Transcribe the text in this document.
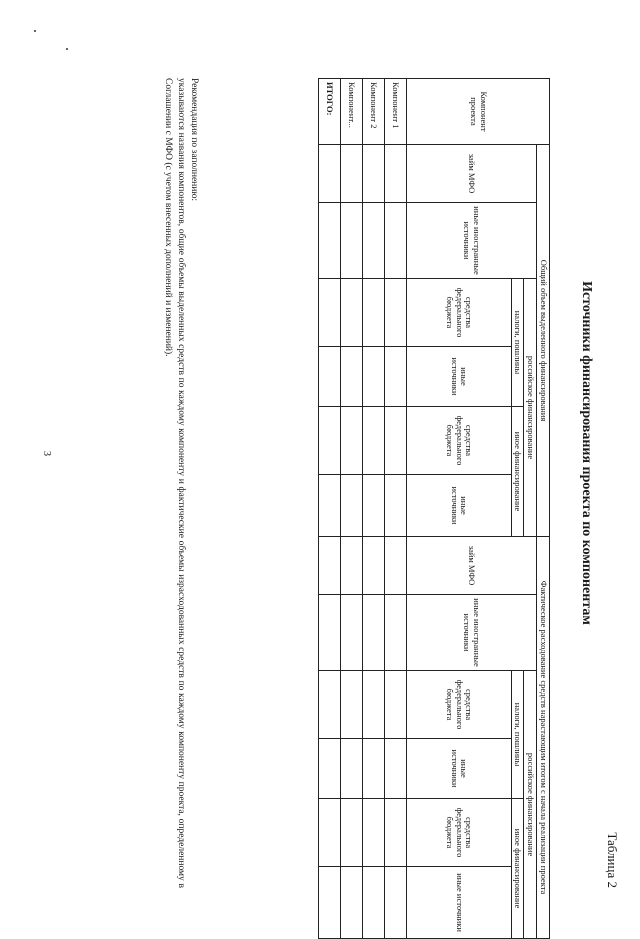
3
Таблица 2
Источники финансирования проекта по компонентам
Компонент проекта	Общий объем выделенного финансирования						Фактическое расходование средств нарастающим итогом с начала реализации проекта					
	займ МФО	иные иностранные источники	российское финансирование				займ МФО	иные иностранные источники	российское финансирование			
			налоги, пошлины		иное финансирование				налоги, пошлины		иное финансирование	
			средства федерального бюджета	иные источники	средства федерального бюджета	иные источники			средства федерального бюджета	иные источники	средства федерального бюджета	иные источники
Компонент 1												
Компонент 2												
Компонент...												
ИТОГО:												

Рекомендация по заполнению:

указываются названия компонентов, общие объемы выделенных средств по каждому компоненту и фактические объемы израсходованных средств по каждому компоненту проекта, определенному в Соглашении с МФО (с учетом внесенных дополнений и изменений).
